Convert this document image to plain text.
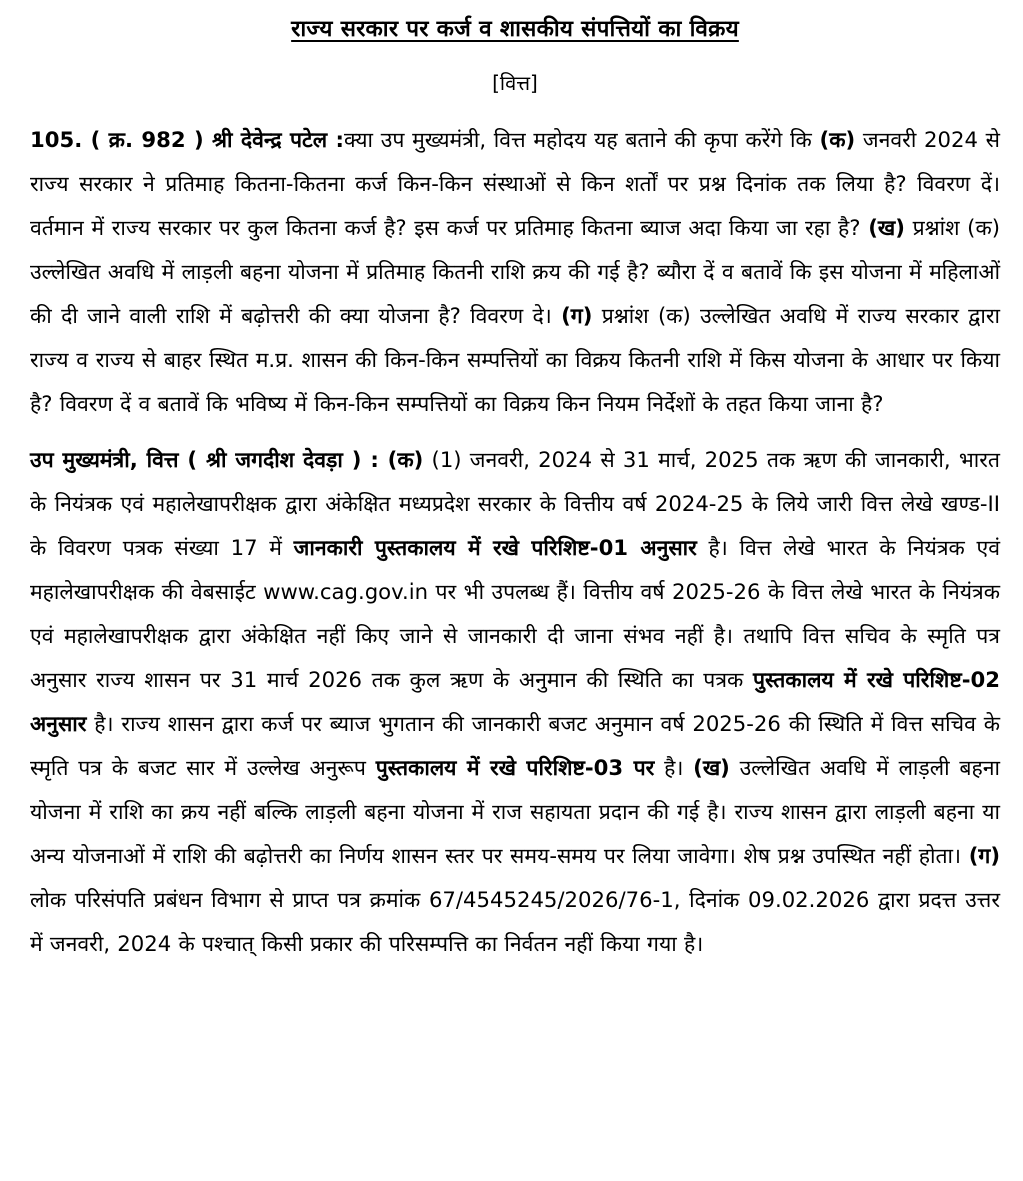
राज्य सरकार पर कर्ज व शासकीय संपत्तियों का विक्रय
[वित्त]

105. ( क्र. 982 ) श्री देवेन्द्र पटेल :क्या उप मुख्यमंत्री, वित्त महोदय यह बताने की कृपा करेंगे कि (क) जनवरी 2024 से राज्य सरकार ने प्रतिमाह कितना-कितना कर्ज किन-किन संस्थाओं से किन शर्तों पर प्रश्न दिनांक तक लिया है? विवरण दें। वर्तमान में राज्य सरकार पर कुल कितना कर्ज है? इस कर्ज पर प्रतिमाह कितना ब्याज अदा किया जा रहा है? (ख) प्रश्नांश (क) उल्लेखित अवधि में लाड़ली बहना योजना में प्रतिमाह कितनी राशि क्रय की गई है? ब्यौरा दें व बतावें कि इस योजना में महिलाओं की दी जाने वाली राशि में बढ़ोत्तरी की क्या योजना है? विवरण दे। (ग) प्रश्नांश (क) उल्लेखित अवधि में राज्य सरकार द्वारा राज्य व राज्य से बाहर स्थित म.प्र. शासन की किन-किन सम्पत्तियों का विक्रय कितनी राशि में किस योजना के आधार पर किया है? विवरण दें व बतावें कि भविष्य में किन-किन सम्पत्तियों का विक्रय किन नियम निर्देशों के तहत किया जाना है?

उप मुख्यमंत्री, वित्त ( श्री जगदीश देवड़ा ) : (क) (1) जनवरी, 2024 से 31 मार्च, 2025 तक ऋण की जानकारी, भारत के नियंत्रक एवं महालेखापरीक्षक द्वारा अंकेक्षित मध्यप्रदेश सरकार के वित्तीय वर्ष 2024-25 के लिये जारी वित्त लेखे खण्ड-II के विवरण पत्रक संख्या 17 में जानकारी पुस्तकालय में रखे परिशिष्ट-01 अनुसार है। वित्त लेखे भारत के नियंत्रक एवं महालेखापरीक्षक की वेबसाईट www.cag.gov.in पर भी उपलब्ध हैं। वित्तीय वर्ष 2025-26 के वित्त लेखे भारत के नियंत्रक एवं महालेखापरीक्षक द्वारा अंकेक्षित नहीं किए जाने से जानकारी दी जाना संभव नहीं है। तथापि वित्त सचिव के स्मृति पत्र अनुसार राज्य शासन पर 31 मार्च 2026 तक कुल ऋण के अनुमान की स्थिति का पत्रक पुस्तकालय में रखे परिशिष्ट-02 अनुसार है। राज्य शासन द्वारा कर्ज पर ब्याज भुगतान की जानकारी बजट अनुमान वर्ष 2025-26 की स्थिति में वित्त सचिव के स्मृति पत्र के बजट सार में उल्लेख अनुरूप पुस्तकालय में रखे परिशिष्ट-03 पर है। (ख) उल्लेखित अवधि में लाड़ली बहना योजना में राशि का क्रय नहीं बल्कि लाड़ली बहना योजना में राज सहायता प्रदान की गई है। राज्य शासन द्वारा लाड़ली बहना या अन्य योजनाओं में राशि की बढ़ोत्तरी का निर्णय शासन स्तर पर समय-समय पर लिया जावेगा। शेष प्रश्न उपस्थित नहीं होता। (ग) लोक परिसंपति प्रबंधन विभाग से प्राप्त पत्र क्रमांक 67/4545245/2026/76-1, दिनांक 09.02.2026 द्वारा प्रदत्त उत्तर में जनवरी, 2024 के पश्चात् किसी प्रकार की परिसम्पत्ति का निर्वतन नहीं किया गया है।
